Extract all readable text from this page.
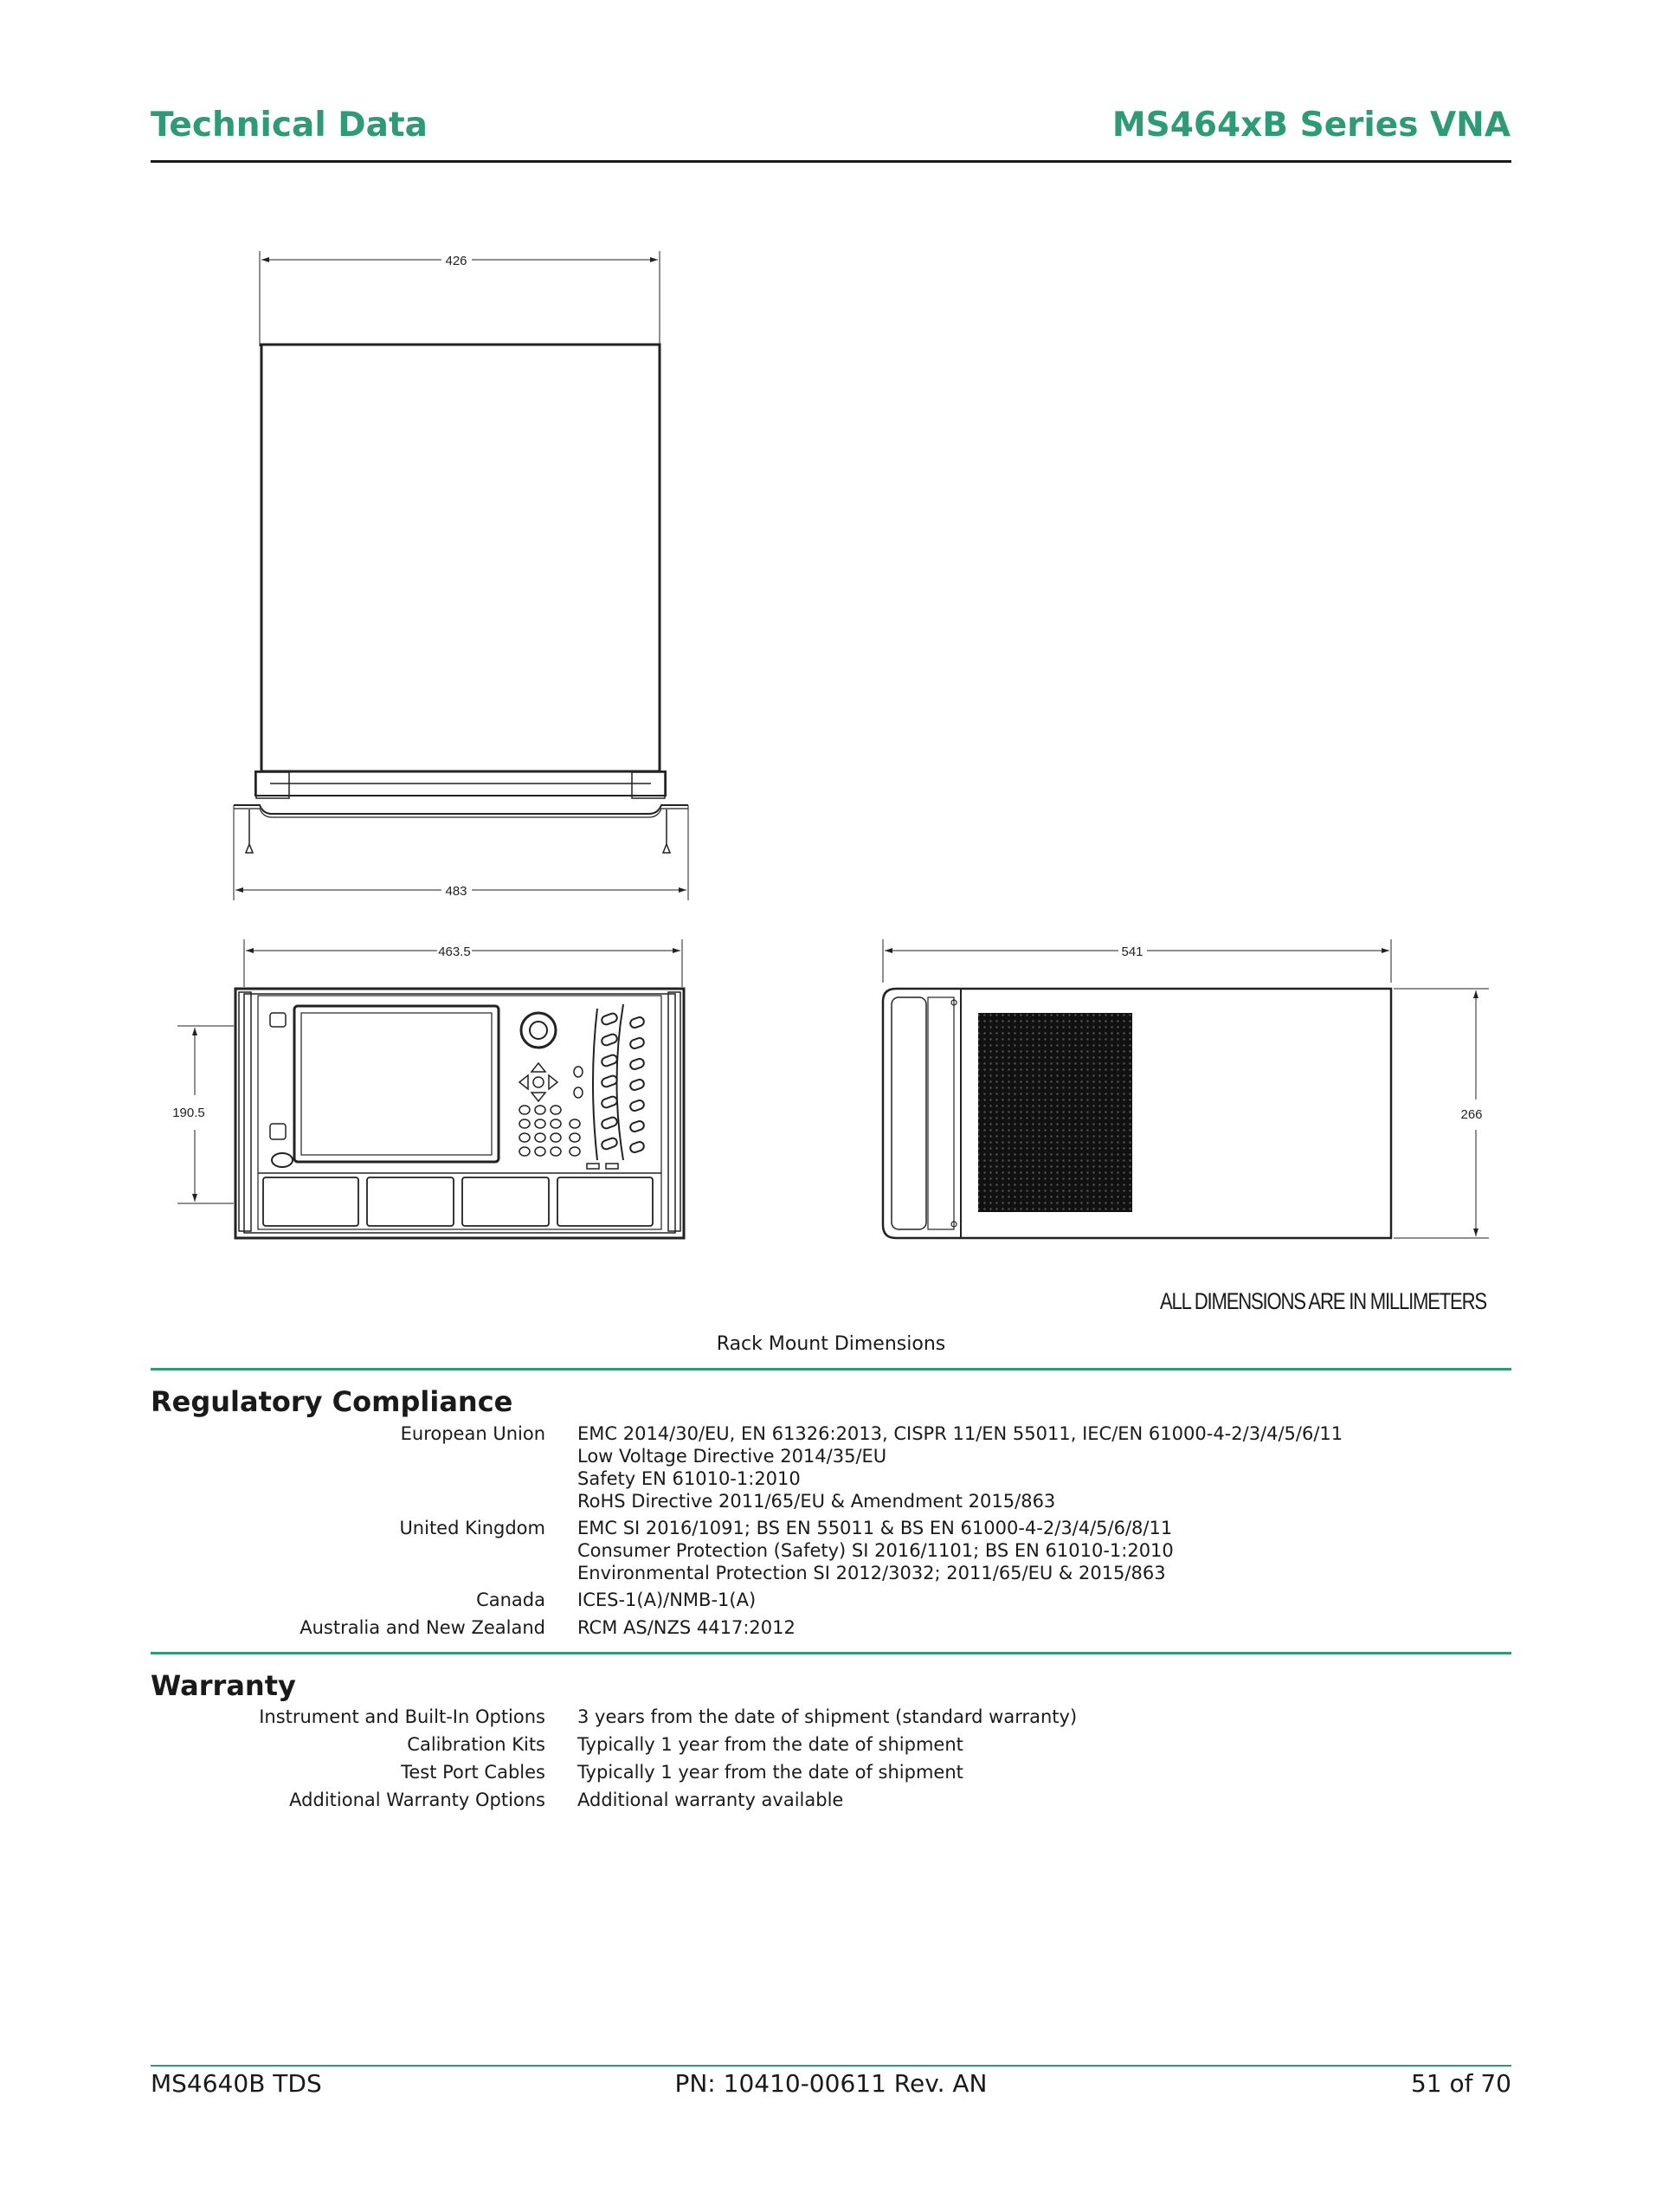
Technical Data	MS464xB Series VNA
426
483
463.5
190.5
541
266
ALL DIMENSIONS ARE IN MILLIMETERS
Rack Mount Dimensions
Regulatory Compliance
European Union EMC 2014/30/EU, EN 61326:2013, CISPR 11/EN 55011, IEC/EN 61000-4-2/3/4/5/6/11
Low Voltage Directive 2014/35/EU
Safety EN 61010-1:2010
RoHS Directive 2011/65/EU & Amendment 2015/863
United Kingdom EMC SI 2016/1091; BS EN 55011 & BS EN 61000-4-2/3/4/5/6/8/11
Consumer Protection (Safety) SI 2016/1101; BS EN 61010-1:2010
Environmental Protection SI 2012/3032; 2011/65/EU & 2015/863
Canada ICES-1(A)/NMB-1(A)
Australia and New Zealand RCM AS/NZS 4417:2012
Warranty
Instrument and Built-In Options 3 years from the date of shipment (standard warranty)
Calibration Kits Typically 1 year from the date of shipment
Test Port Cables Typically 1 year from the date of shipment
Additional Warranty Options Additional warranty available
MS4640B TDS	PN: 10410-00611 Rev. AN	51 of 70
